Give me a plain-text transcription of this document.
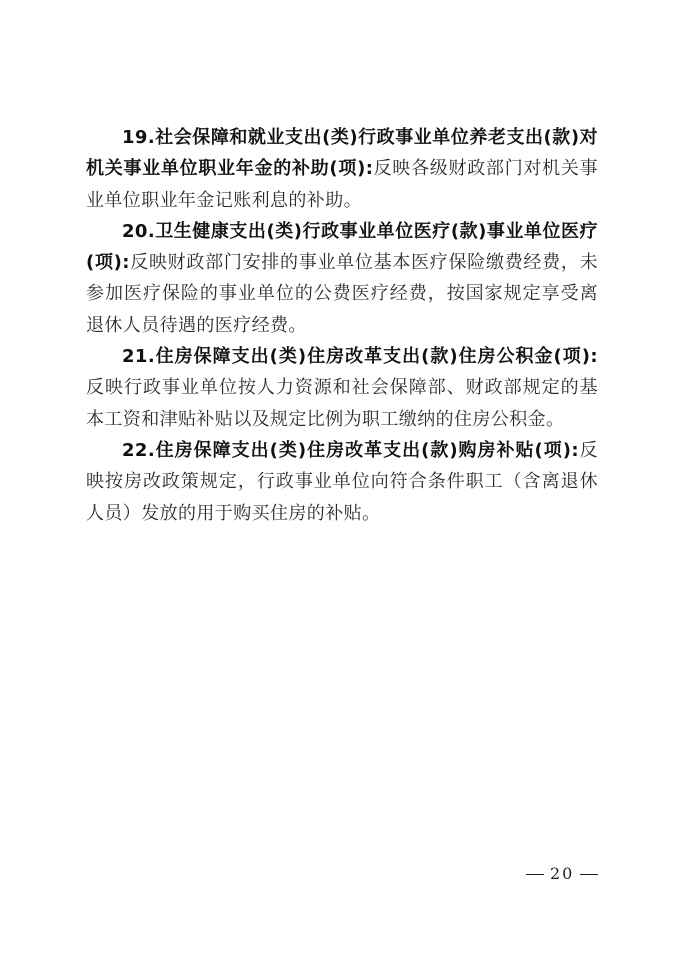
19.社会保障和就业支出(类)行政事业单位养老支出(款)对机关事业单位职业年金的补助(项):反映各级财政部门对机关事业单位职业年金记账利息的补助。

20.卫生健康支出(类)行政事业单位医疗(款)事业单位医疗(项):反映财政部门安排的事业单位基本医疗保险缴费经费，未参加医疗保险的事业单位的公费医疗经费，按国家规定享受离退休人员待遇的医疗经费。

21.住房保障支出(类)住房改革支出(款)住房公积金(项):反映行政事业单位按人力资源和社会保障部、财政部规定的基本工资和津贴补贴以及规定比例为职工缴纳的住房公积金。

22.住房保障支出(类)住房改革支出(款)购房补贴(项):反映按房改政策规定，行政事业单位向符合条件职工（含离退休人员）发放的用于购买住房的补贴。

20
